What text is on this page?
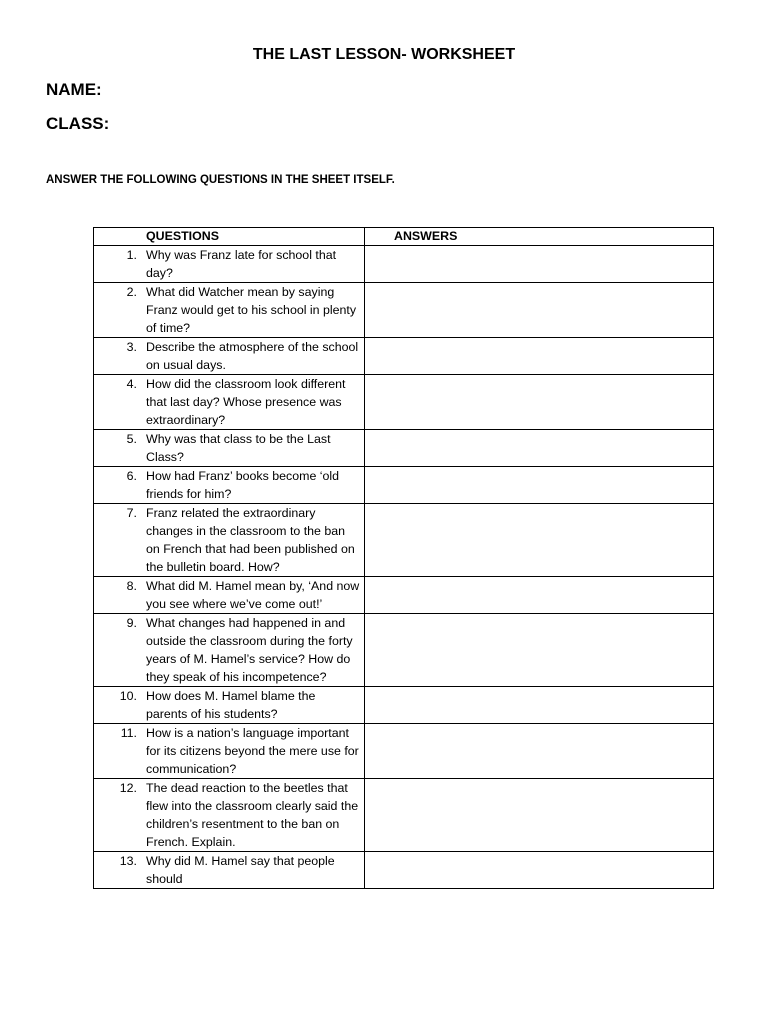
THE LAST LESSON- WORKSHEET
NAME:
CLASS:
ANSWER THE FOLLOWING QUESTIONS IN THE SHEET ITSELF.
QUESTIONS	ANSWERS

1. Why was Franz late for school that day?	

2. What did Watcher mean by saying Franz would get to his school in plenty of time?	

3. Describe the atmosphere of the school on usual days.	

4. How did the classroom look different that last day? Whose presence was extraordinary?	

5. Why was that class to be the Last Class?	

6. How had Franz’ books become ‘old friends for him?	

7. Franz related the extraordinary changes in the classroom to the ban on French that had been published on the bulletin board. How?	

8. What did M. Hamel mean by, ‘And now you see where we’ve come out!’	

9. What changes had happened in and outside the classroom during the forty years of M. Hamel’s service? How do they speak of his incompetence?	

10. How does M. Hamel blame the parents of his students?	

11. How is a nation’s language important for its citizens beyond the mere use for communication?	

12. The dead reaction to the beetles that flew into the classroom clearly said the children’s resentment to the ban on French. Explain.	

13. Why did M. Hamel say that people should	
